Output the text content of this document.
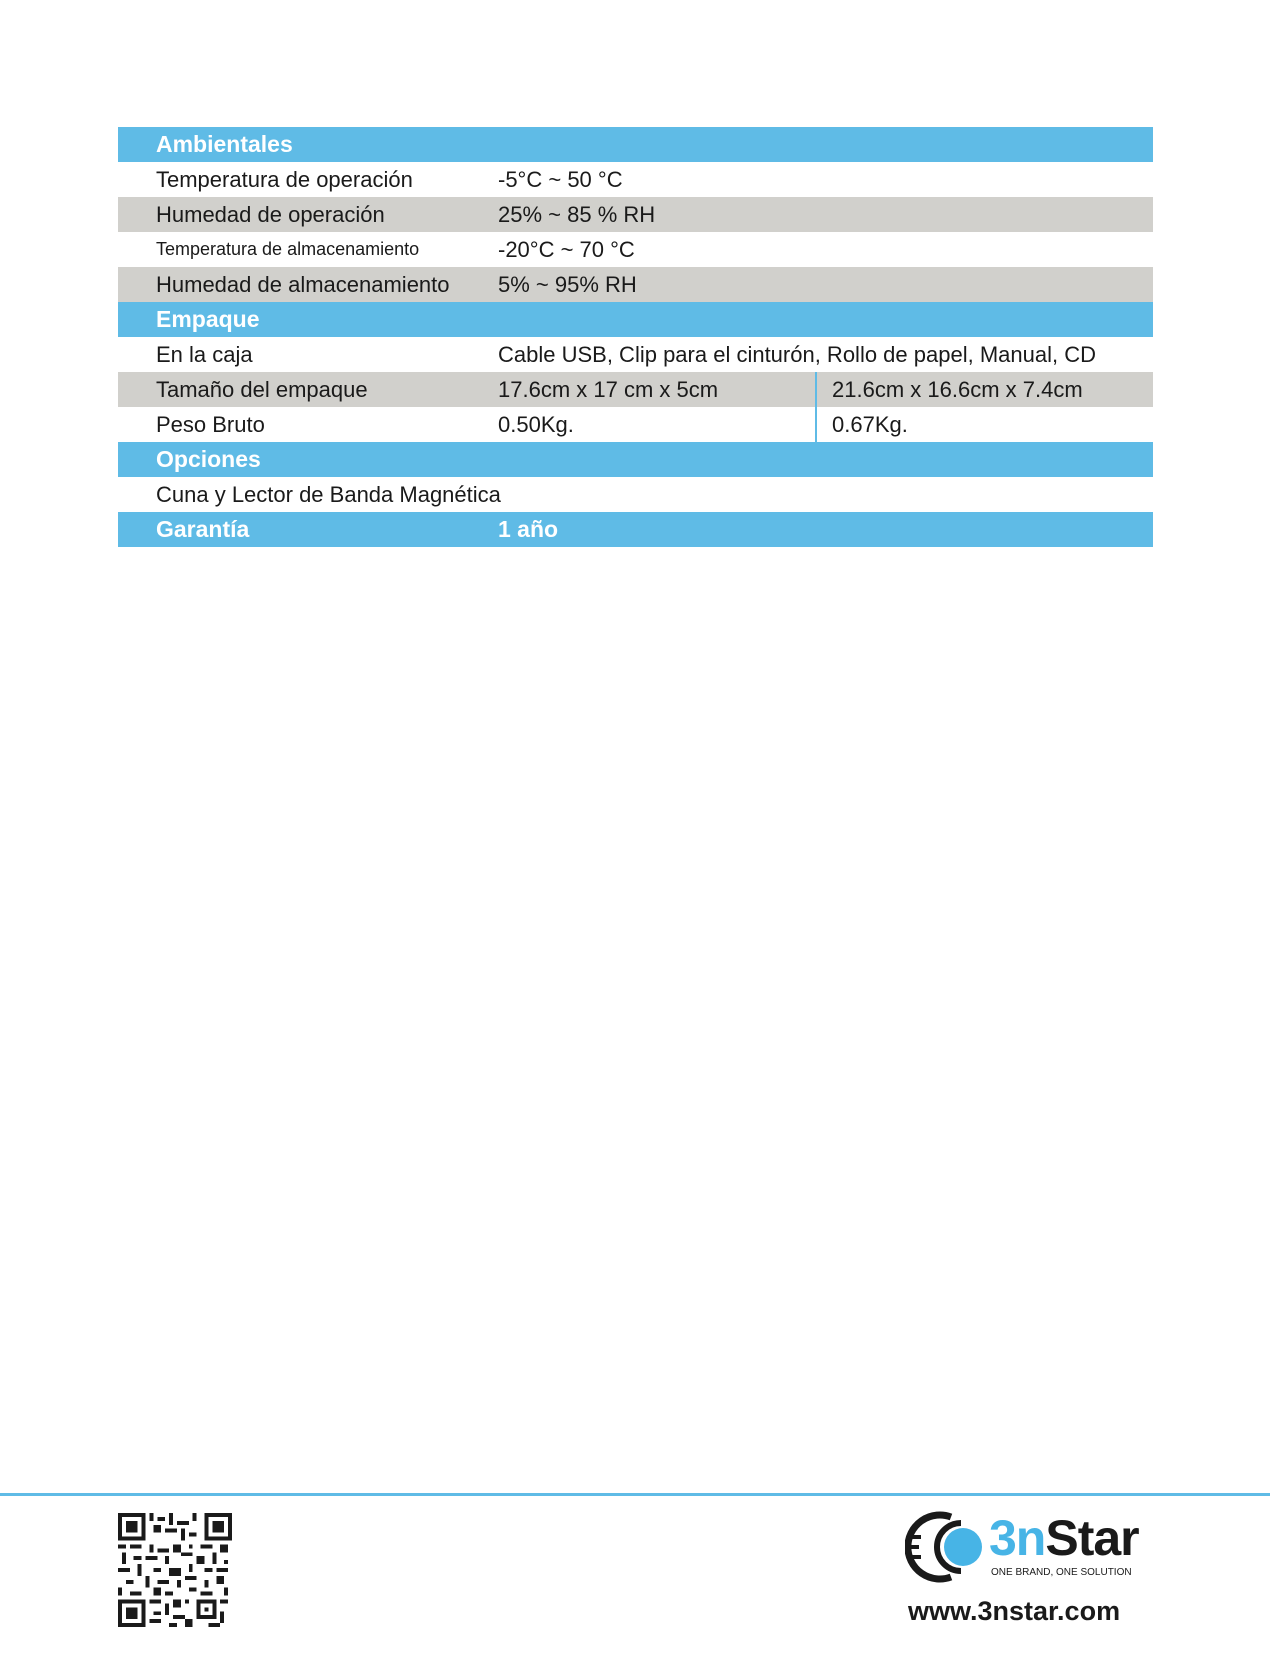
Ambientales
Temperatura de operación	-5°C ~ 50 °C
Humedad de operación	25% ~ 85 % RH
Temperatura de almacenamiento	-20°C ~ 70 °C
Humedad de almacenamiento 5% ~ 95% RH
Empaque
En la caja	Cable USB, Clip para el cinturón, Rollo de papel, Manual, CD
Tamaño del empaque	17.6cm x 17 cm x 5cm	21.6cm x 16.6cm x 7.4cm
Peso Bruto	0.50Kg.	0.67Kg.
Opciones
Cuna y Lector de Banda Magnética
Garantía	1 año
3nStar
ONE BRAND, ONE SOLUTION
www.3nstar.com
